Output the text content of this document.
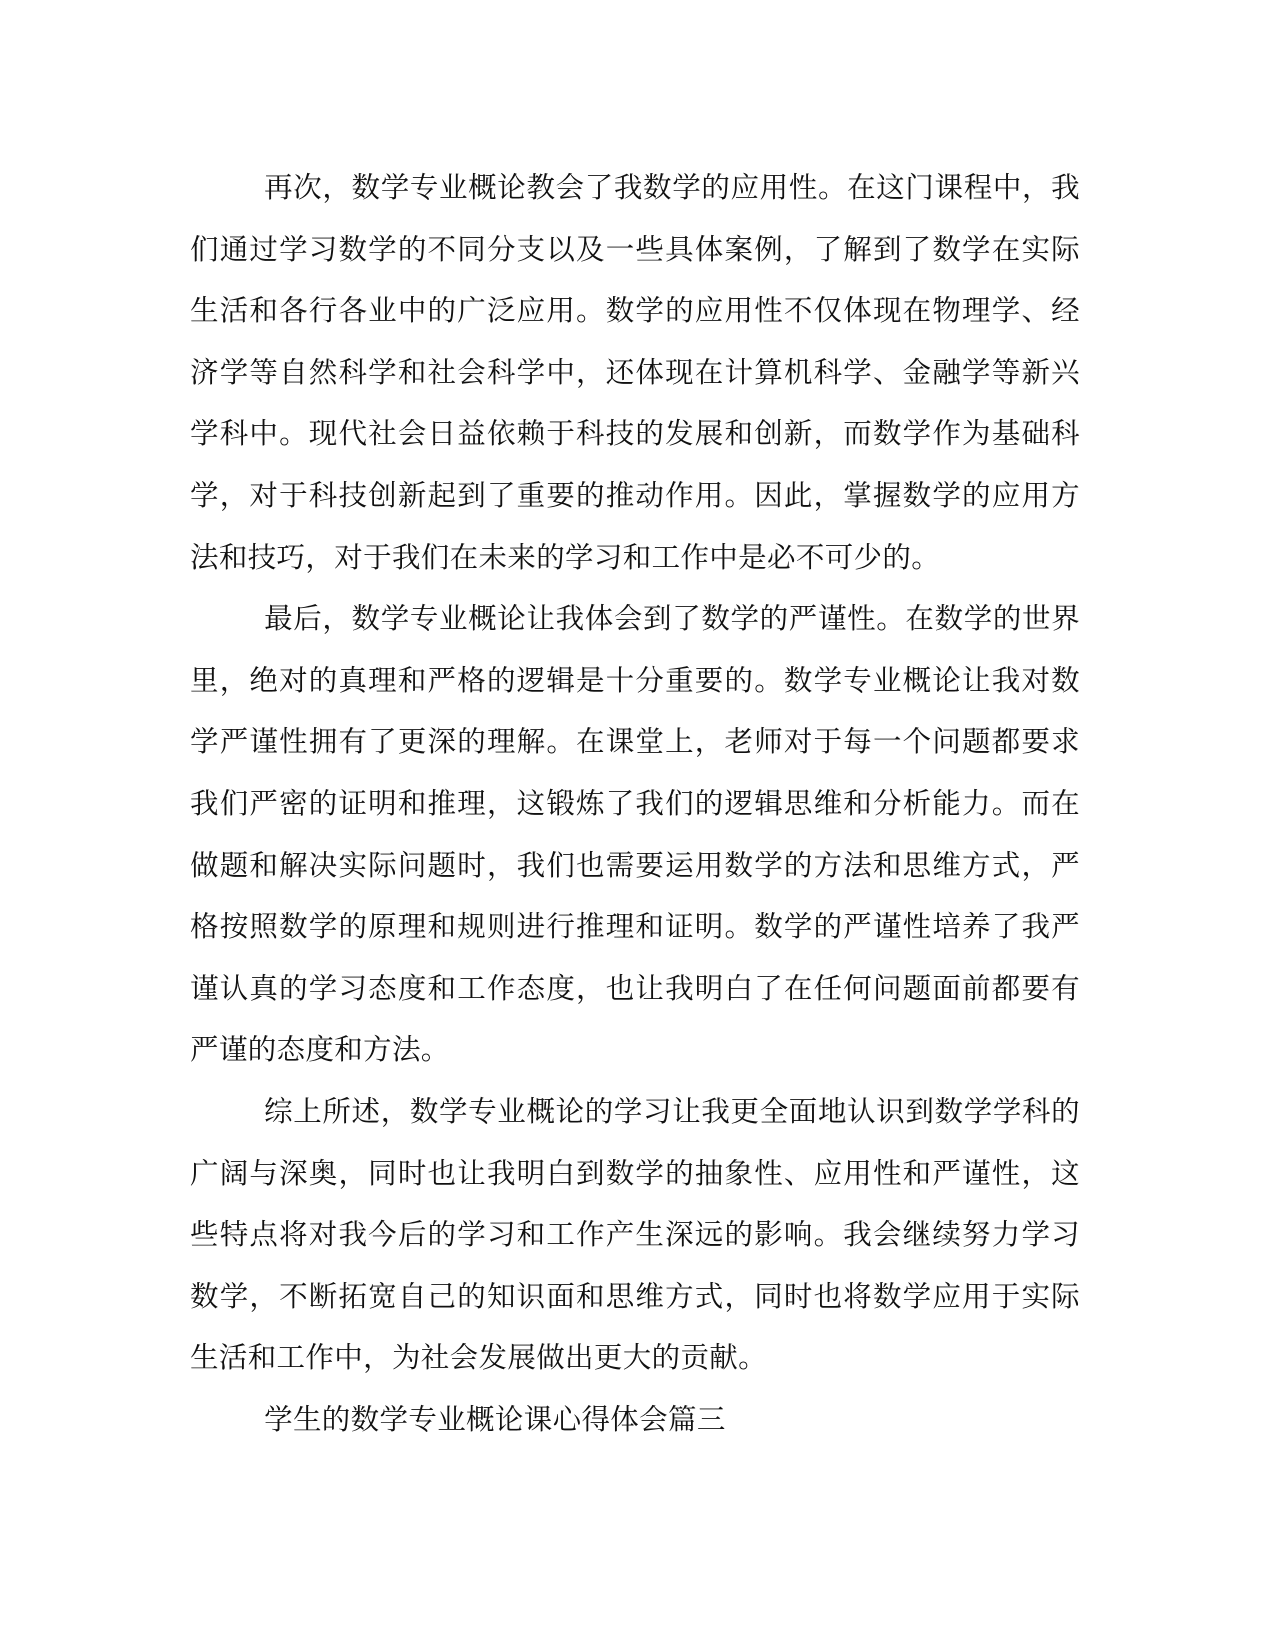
再次，数学专业概论教会了我数学的应用性。在这门课程中，我们通过学习数学的不同分支以及一些具体案例，了解到了数学在实际生活和各行各业中的广泛应用。数学的应用性不仅体现在物理学、经济学等自然科学和社会科学中，还体现在计算机科学、金融学等新兴学科中。现代社会日益依赖于科技的发展和创新，而数学作为基础科学，对于科技创新起到了重要的推动作用。因此，掌握数学的应用方法和技巧，对于我们在未来的学习和工作中是必不可少的。

最后，数学专业概论让我体会到了数学的严谨性。在数学的世界里，绝对的真理和严格的逻辑是十分重要的。数学专业概论让我对数学严谨性拥有了更深的理解。在课堂上，老师对于每一个问题都要求我们严密的证明和推理，这锻炼了我们的逻辑思维和分析能力。而在做题和解决实际问题时，我们也需要运用数学的方法和思维方式，严格按照数学的原理和规则进行推理和证明。数学的严谨性培养了我严谨认真的学习态度和工作态度，也让我明白了在任何问题面前都要有严谨的态度和方法。

综上所述，数学专业概论的学习让我更全面地认识到数学学科的广阔与深奥，同时也让我明白到数学的抽象性、应用性和严谨性，这些特点将对我今后的学习和工作产生深远的影响。我会继续努力学习数学，不断拓宽自己的知识面和思维方式，同时也将数学应用于实际生活和工作中，为社会发展做出更大的贡献。

学生的数学专业概论课心得体会篇三
